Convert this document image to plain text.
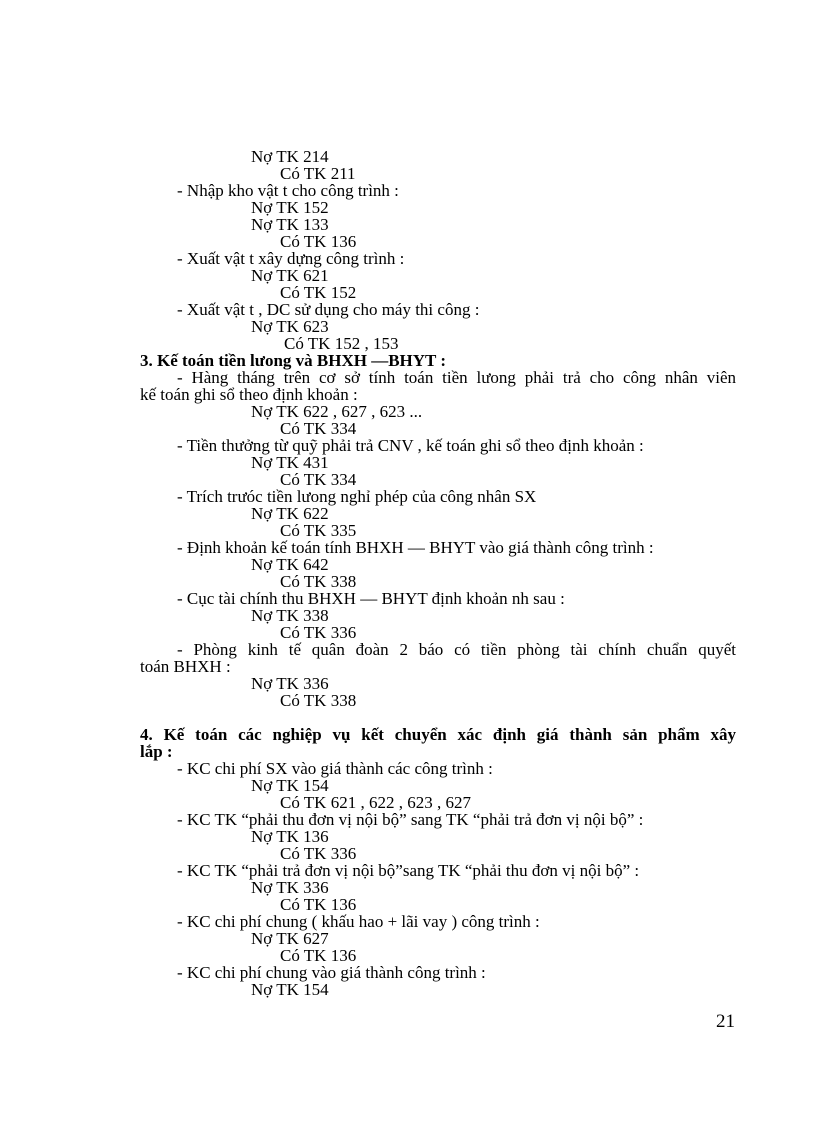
Nợ TK 214
Có TK 211
- Nhập kho vật t cho công trình :
Nợ TK 152
Nợ TK 133
Có TK 136
- Xuất vật t xây dựng công trình :
Nợ TK 621
Có TK 152
- Xuất vật t , DC sử dụng cho máy thi công :
Nợ TK 623
Có TK 152 , 153
3. Kế toán tiền lưong và BHXH —BHYT :
- Hàng tháng trên cơ sở tính toán tiền lưong phải trả cho công nhân viên
kế toán ghi sổ theo định khoản :
Nợ TK 622 , 627 , 623 ...
Có TK 334
- Tiền thưởng từ quỹ phải trả CNV , kế toán ghi sổ theo định khoản :
Nợ TK 431
Có TK 334
- Trích trưóc tiền lưong nghỉ phép của công nhân SX
Nợ TK 622
Có TK 335
- Định khoản kế toán tính BHXH — BHYT vào giá thành công trình :
Nợ TK 642
Có TK 338
- Cục tài chính thu BHXH — BHYT định khoản nh sau :
Nợ TK 338
Có TK 336
- Phòng kinh tế quân đoàn 2 báo có tiền phòng tài chính chuẩn quyết
toán BHXH :
Nợ TK 336
Có TK 338
4. Kế toán các nghiệp vụ kết chuyển xác định giá thành sản phẩm xây
lắp :
- KC chi phí SX vào giá thành các công trình :
Nợ TK 154
Có TK 621 , 622 , 623 , 627
- KC TK “phải thu đơn vị nội bộ” sang TK “phải trả đơn vị nội bộ” :
Nợ TK 136
Có TK 336
- KC TK “phải trả đơn vị nội bộ”sang TK “phải thu đơn vị nội bộ” :
Nợ TK 336
Có TK 136
- KC chi phí chung ( khấu hao + lãi vay ) công trình :
Nợ TK 627
Có TK 136
- KC chi phí chung vào giá thành công trình :
Nợ TK 154
21
